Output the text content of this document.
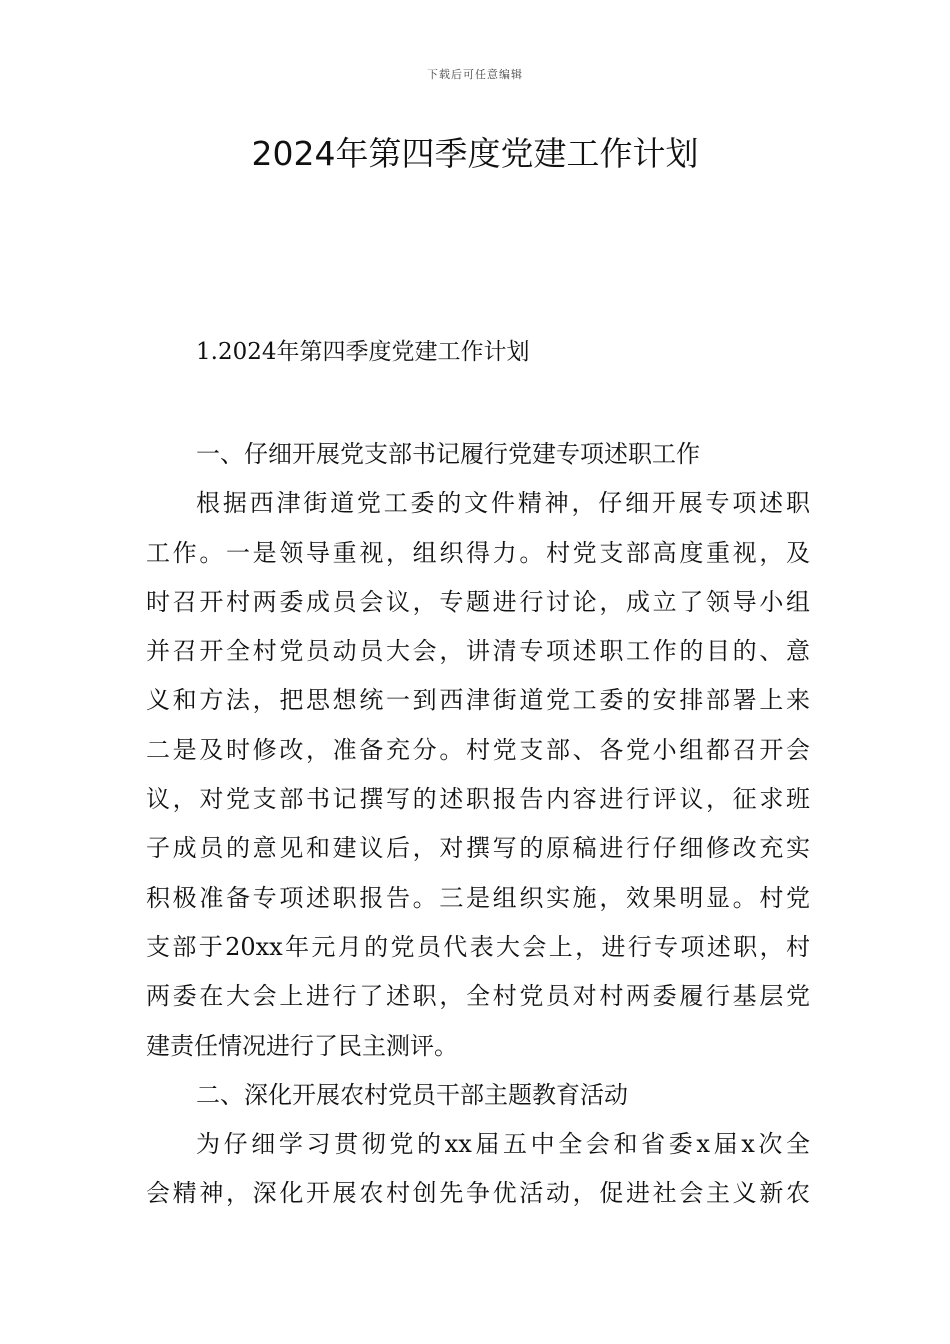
下载后可任意编辑
2024年第四季度党建工作计划
1.2024年第四季度党建工作计划
一、仔细开展党支部书记履行党建专项述职工作
根据西津街道党工委的文件精神，仔细开展专项述职
工作。一是领导重视，组织得力。村党支部高度重视，及
时召开村两委成员会议，专题进行讨论，成立了领导小组
并召开全村党员动员大会，讲清专项述职工作的目的、意
义和方法，把思想统一到西津街道党工委的安排部署上来
二是及时修改，准备充分。村党支部、各党小组都召开会
议，对党支部书记撰写的述职报告内容进行评议，征求班
子成员的意见和建议后，对撰写的原稿进行仔细修改充实
积极准备专项述职报告。三是组织实施，效果明显。村党
支部于20xx年元月的党员代表大会上，进行专项述职，村
两委在大会上进行了述职，全村党员对村两委履行基层党
建责任情况进行了民主测评。
二、深化开展农村党员干部主题教育活动
为仔细学习贯彻党的xx届五中全会和省委x届x次全
会精神，深化开展农村创先争优活动，促进社会主义新农
